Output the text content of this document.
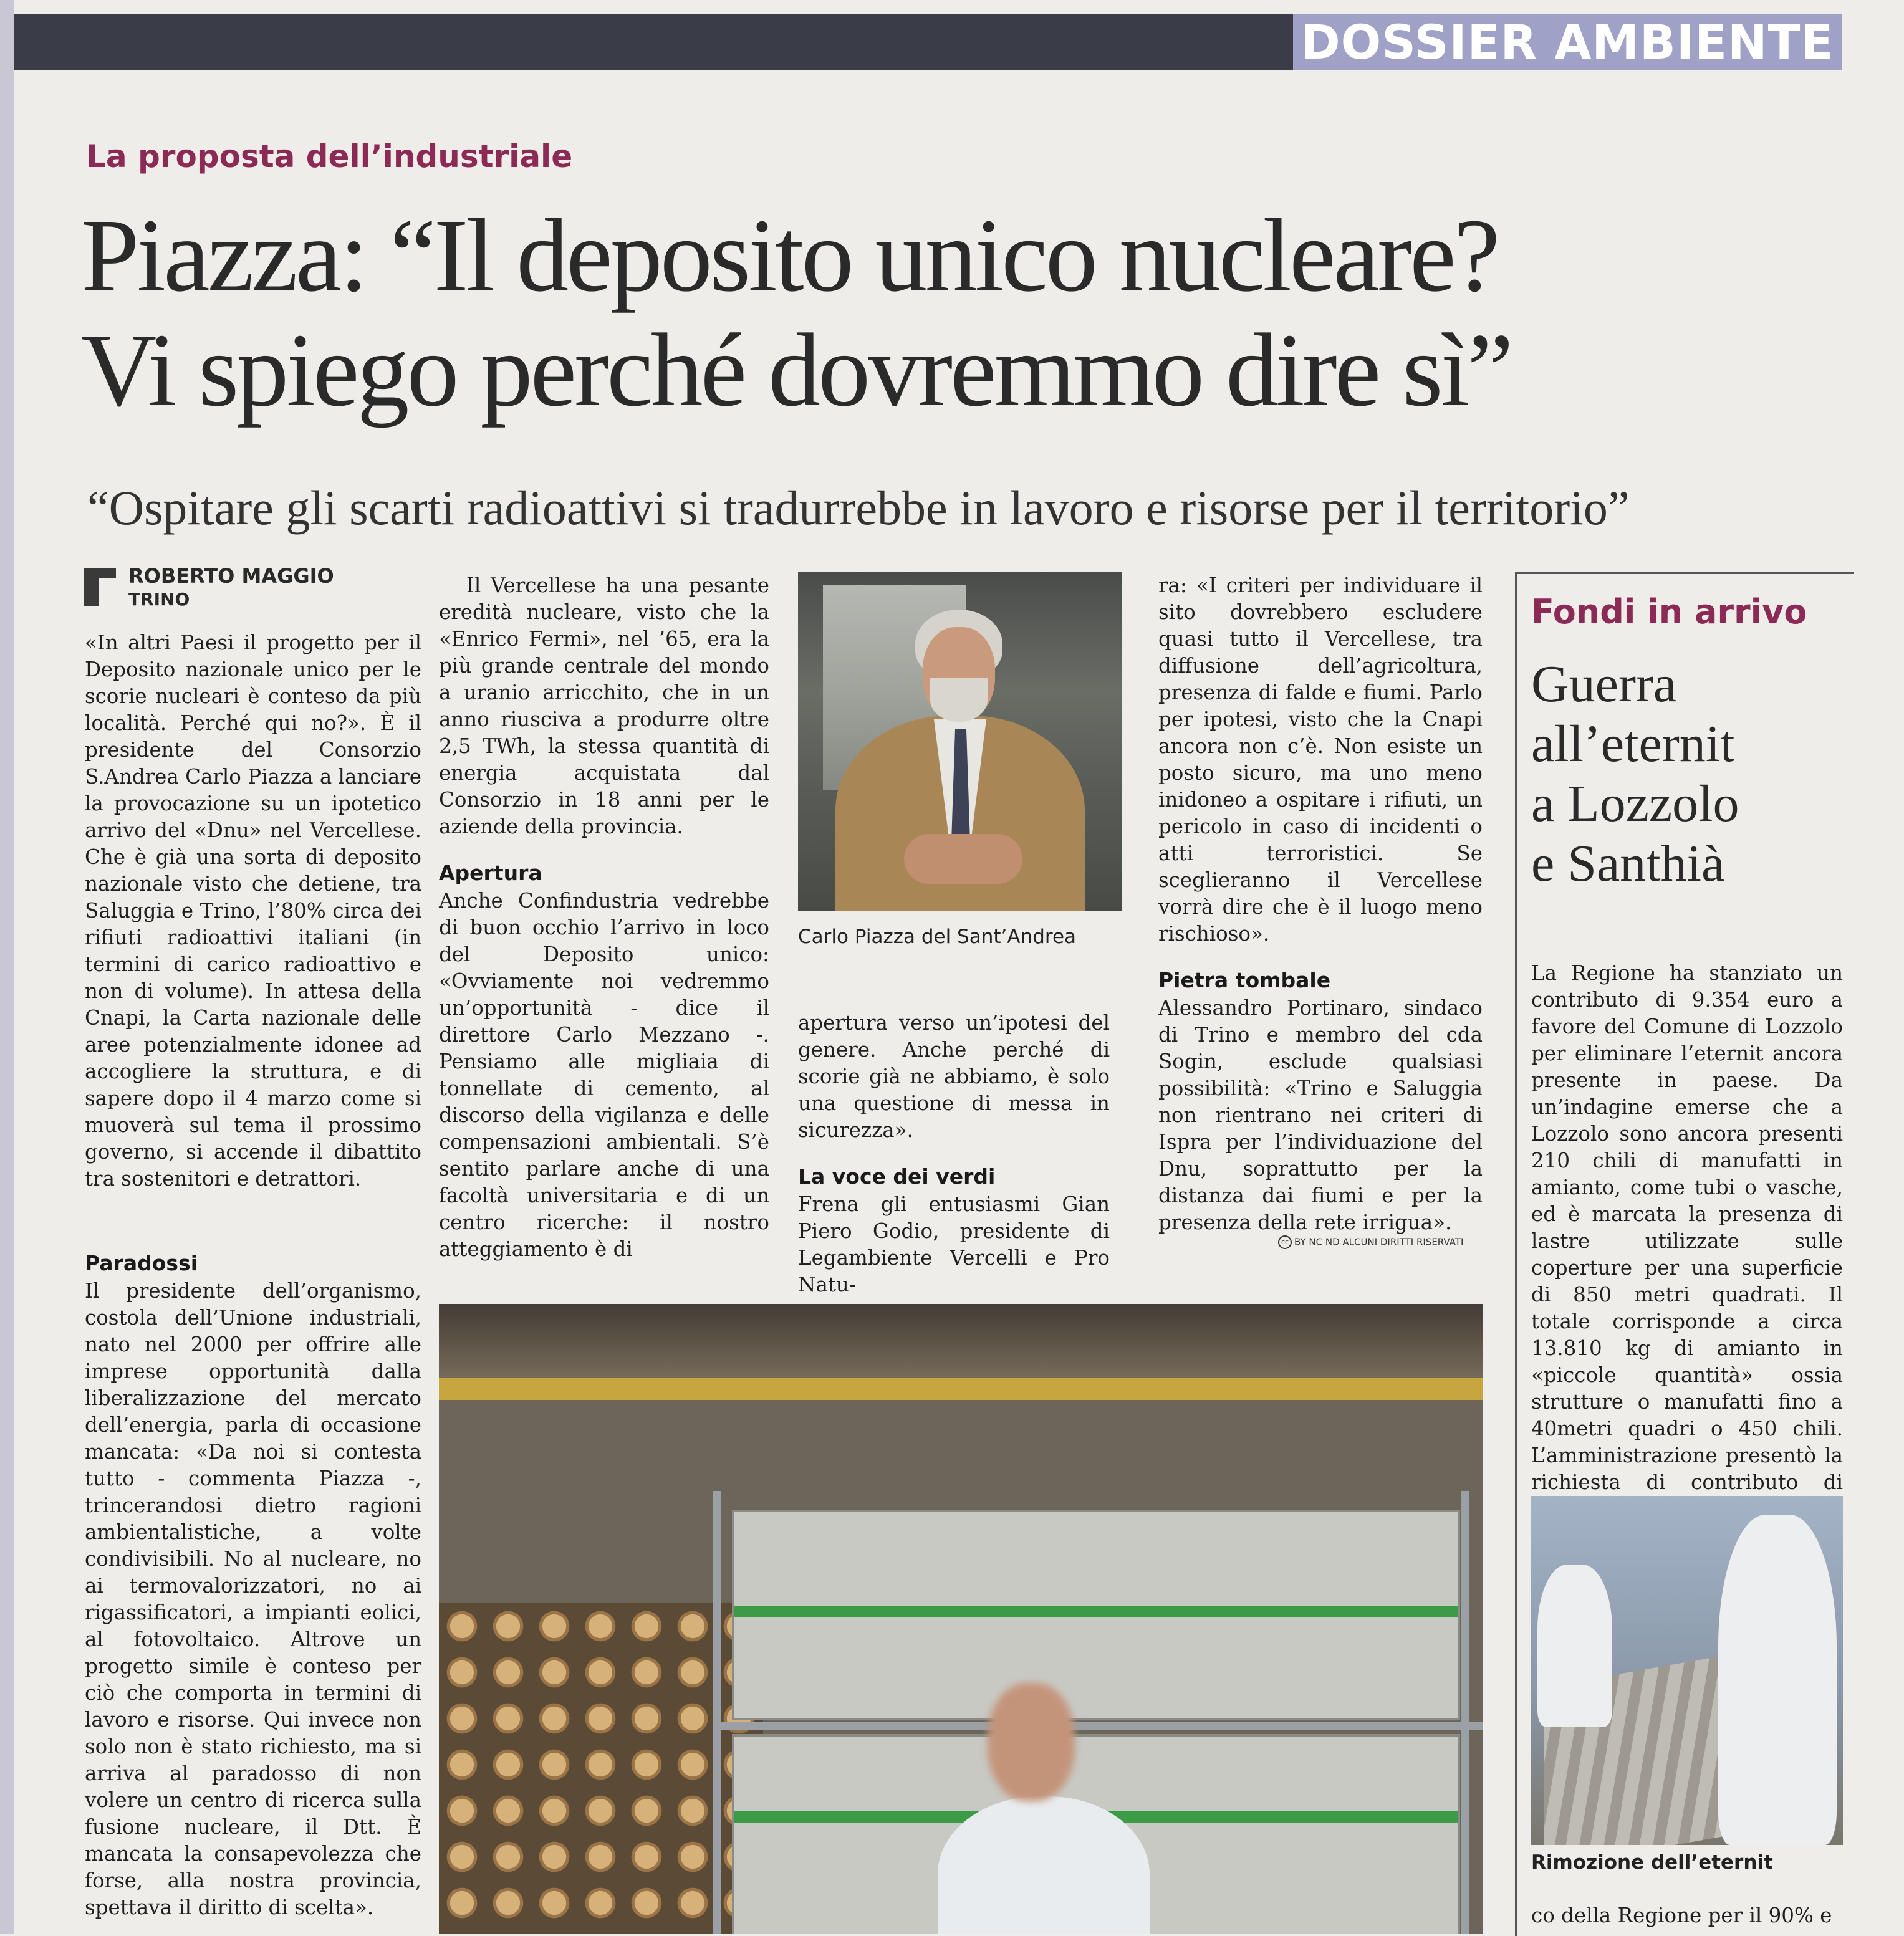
DOSSIER AMBIENTE
La proposta dell’industriale
Piazza: “Il deposito unico nucleare?
Vi spiego perché dovremmo dire sì”
“Ospitare gli scarti radioattivi si tradurrebbe in lavoro e risorse per il territorio”
ROBERTO MAGGIO
TRINO

«In altri Paesi il progetto per il Deposito nazionale unico per le scorie nucleari è conteso da più località. Perché qui no?». È il presidente del Consorzio S.Andrea Carlo Piazza a lanciare la provocazione su un ipotetico arrivo del «Dnu» nel Vercellese. Che è già una sorta di deposito nazionale visto che detiene, tra Saluggia e Trino, l’80% circa dei rifiuti radioattivi italiani (in termini di carico radioattivo e non di volume). In attesa della Cnapi, la Carta nazionale delle aree potenzialmente idonee ad accogliere la struttura, e di sapere dopo il 4 marzo come si muoverà sul tema il prossimo governo, si accende il dibattito tra sostenitori e detrattori.

Paradossi

Il presidente dell’organismo, costola dell’Unione industriali, nato nel 2000 per offrire alle imprese opportunità dalla liberalizzazione del mercato dell’energia, parla di occasione mancata: «Da noi si contesta tutto - commenta Piazza -, trincerandosi dietro ragioni ambientalistiche, a volte condivisibili. No al nucleare, no ai termovalorizzatori, no ai rigassificatori, a impianti eolici, al fotovoltaico. Altrove un progetto simile è conteso per ciò che comporta in termini di lavoro e risorse. Qui invece non solo non è stato richiesto, ma si arriva al paradosso di non volere un centro di ricerca sulla fusione nucleare, il Dtt. È mancata la consapevolezza che forse, alla nostra provincia, spettava il diritto di scelta».

Il Vercellese ha una pesante eredità nucleare, visto che la «Enrico Fermi», nel ’65, era la più grande centrale del mondo a uranio arricchito, che in un anno riusciva a produrre oltre 2,5 TWh, la stessa quantità di energia acquistata dal Consorzio in 18 anni per le aziende della provincia.

Apertura

Anche Confindustria vedrebbe di buon occhio l’arrivo in loco del Deposito unico: «Ovviamente noi vedremmo un’opportunità - dice il direttore Carlo Mezzano -. Pensiamo alle migliaia di tonnellate di cemento, al discorso della vigilanza e delle compensazioni ambientali. S’è sentito parlare anche di una facoltà universitaria e di un centro ricerche: il nostro atteggiamento è di

Carlo Piazza del Sant’Andrea

apertura verso un’ipotesi del genere. Anche perché di scorie già ne abbiamo, è solo una questione di messa in sicurezza».

La voce dei verdi

Frena gli entusiasmi Gian Piero Godio, presidente di Legambiente Vercelli e Pro Natu-

ra: «I criteri per individuare il sito dovrebbero escludere quasi tutto il Vercellese, tra diffusione dell’agricoltura, presenza di falde e fiumi. Parlo per ipotesi, visto che la Cnapi ancora non c’è. Non esiste un posto sicuro, ma uno meno inidoneo a ospitare i rifiuti, un pericolo in caso di incidenti o atti terroristici. Se sceglieranno il Vercellese vorrà dire che è il luogo meno rischioso».

Pietra tombale

Alessandro Portinaro, sindaco di Trino e membro del cda Sogin, esclude qualsiasi possibilità: «Trino e Saluggia non rientrano nei criteri di Ispra per l’individuazione del Dnu, soprattutto per la distanza dai fiumi e per la presenza della rete irrigua».

cc BY NC ND ALCUNI DIRITTI RISERVATI
Fondi in arrivo
Guerra
all’eternit
a Lozzolo
e Santhià

La Regione ha stanziato un contributo di 9.354 euro a favore del Comune di Lozzolo per eliminare l’eternit ancora presente in paese. Da un’indagine emerse che a Lozzolo sono ancora presenti 210 chili di manufatti in amianto, come tubi o vasche, ed è marcata la presenza di lastre utilizzate sulle coperture per una superficie di 850 metri quadrati. Il totale corrisponde a circa 13.810 kg di amianto in «piccole quantità» ossia strutture o manufatti fino a 40metri quadri o 450 chili. L’amministrazione presentò la richiesta di contributo di

Rimozione dell’eternit

co della Regione per il 90% e
